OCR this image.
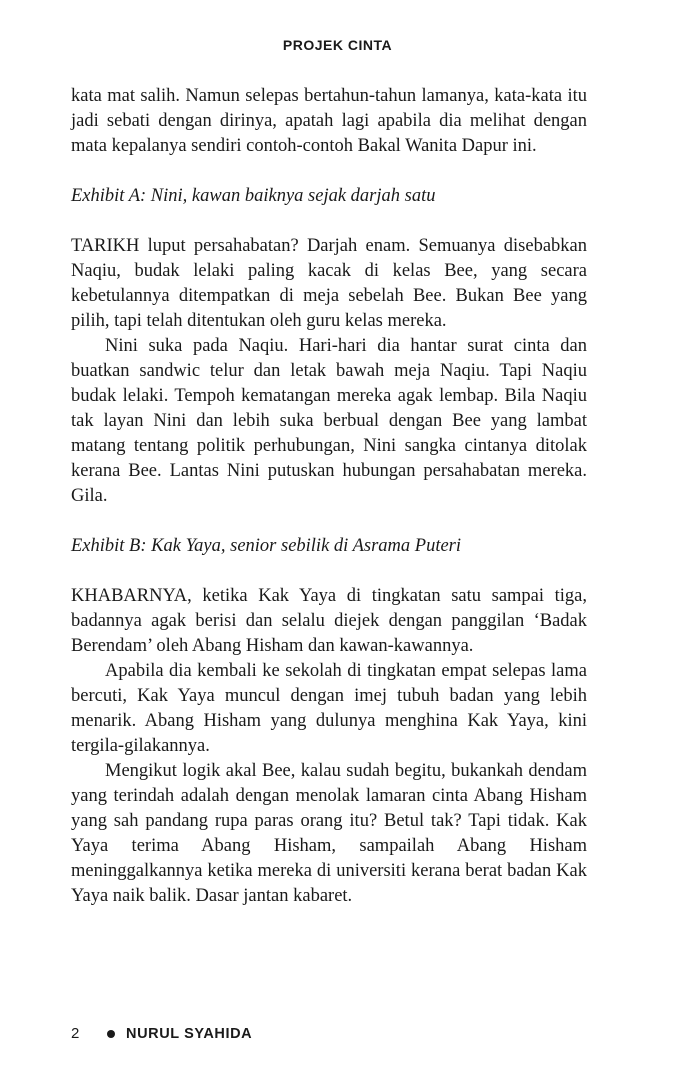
PROJEK CINTA

kata mat salih. Namun selepas bertahun-tahun lamanya, kata-kata itu jadi sebati dengan dirinya, apatah lagi apabila dia melihat dengan mata kepalanya sendiri contoh-contoh Bakal Wanita Dapur ini.

Exhibit A: Nini, kawan baiknya sejak darjah satu

TARIKH luput persahabatan? Darjah enam. Semuanya disebabkan Naqiu, budak lelaki paling kacak di kelas Bee, yang secara kebetulannya ditempatkan di meja sebelah Bee. Bukan Bee yang pilih, tapi telah ditentukan oleh guru kelas mereka.

Nini suka pada Naqiu. Hari-hari dia hantar surat cinta dan buatkan sandwic telur dan letak bawah meja Naqiu. Tapi Naqiu budak lelaki. Tempoh kematangan mereka agak lembap. Bila Naqiu tak layan Nini dan lebih suka berbual dengan Bee yang lambat matang tentang politik perhubungan, Nini sangka cintanya ditolak kerana Bee. Lantas Nini putuskan hubungan persahabatan mereka. Gila.

Exhibit B: Kak Yaya, senior sebilik di Asrama Puteri

KHABARNYA, ketika Kak Yaya di tingkatan satu sampai tiga, badannya agak berisi dan selalu diejek dengan panggilan ‘Badak Berendam’ oleh Abang Hisham dan kawan-kawannya.

Apabila dia kembali ke sekolah di tingkatan empat selepas lama bercuti, Kak Yaya muncul dengan imej tubuh badan yang lebih menarik. Abang Hisham yang dulunya menghina Kak Yaya, kini tergila-gilakannya.

Mengikut logik akal Bee, kalau sudah begitu, bukankah dendam yang terindah adalah dengan menolak lamaran cinta Abang Hisham yang sah pandang rupa paras orang itu? Betul tak? Tapi tidak. Kak Yaya terima Abang Hisham, sampailah Abang Hisham meninggalkannya ketika mereka di universiti kerana berat badan Kak Yaya naik balik. Dasar jantan kabaret.

2	NURUL SYAHIDA
